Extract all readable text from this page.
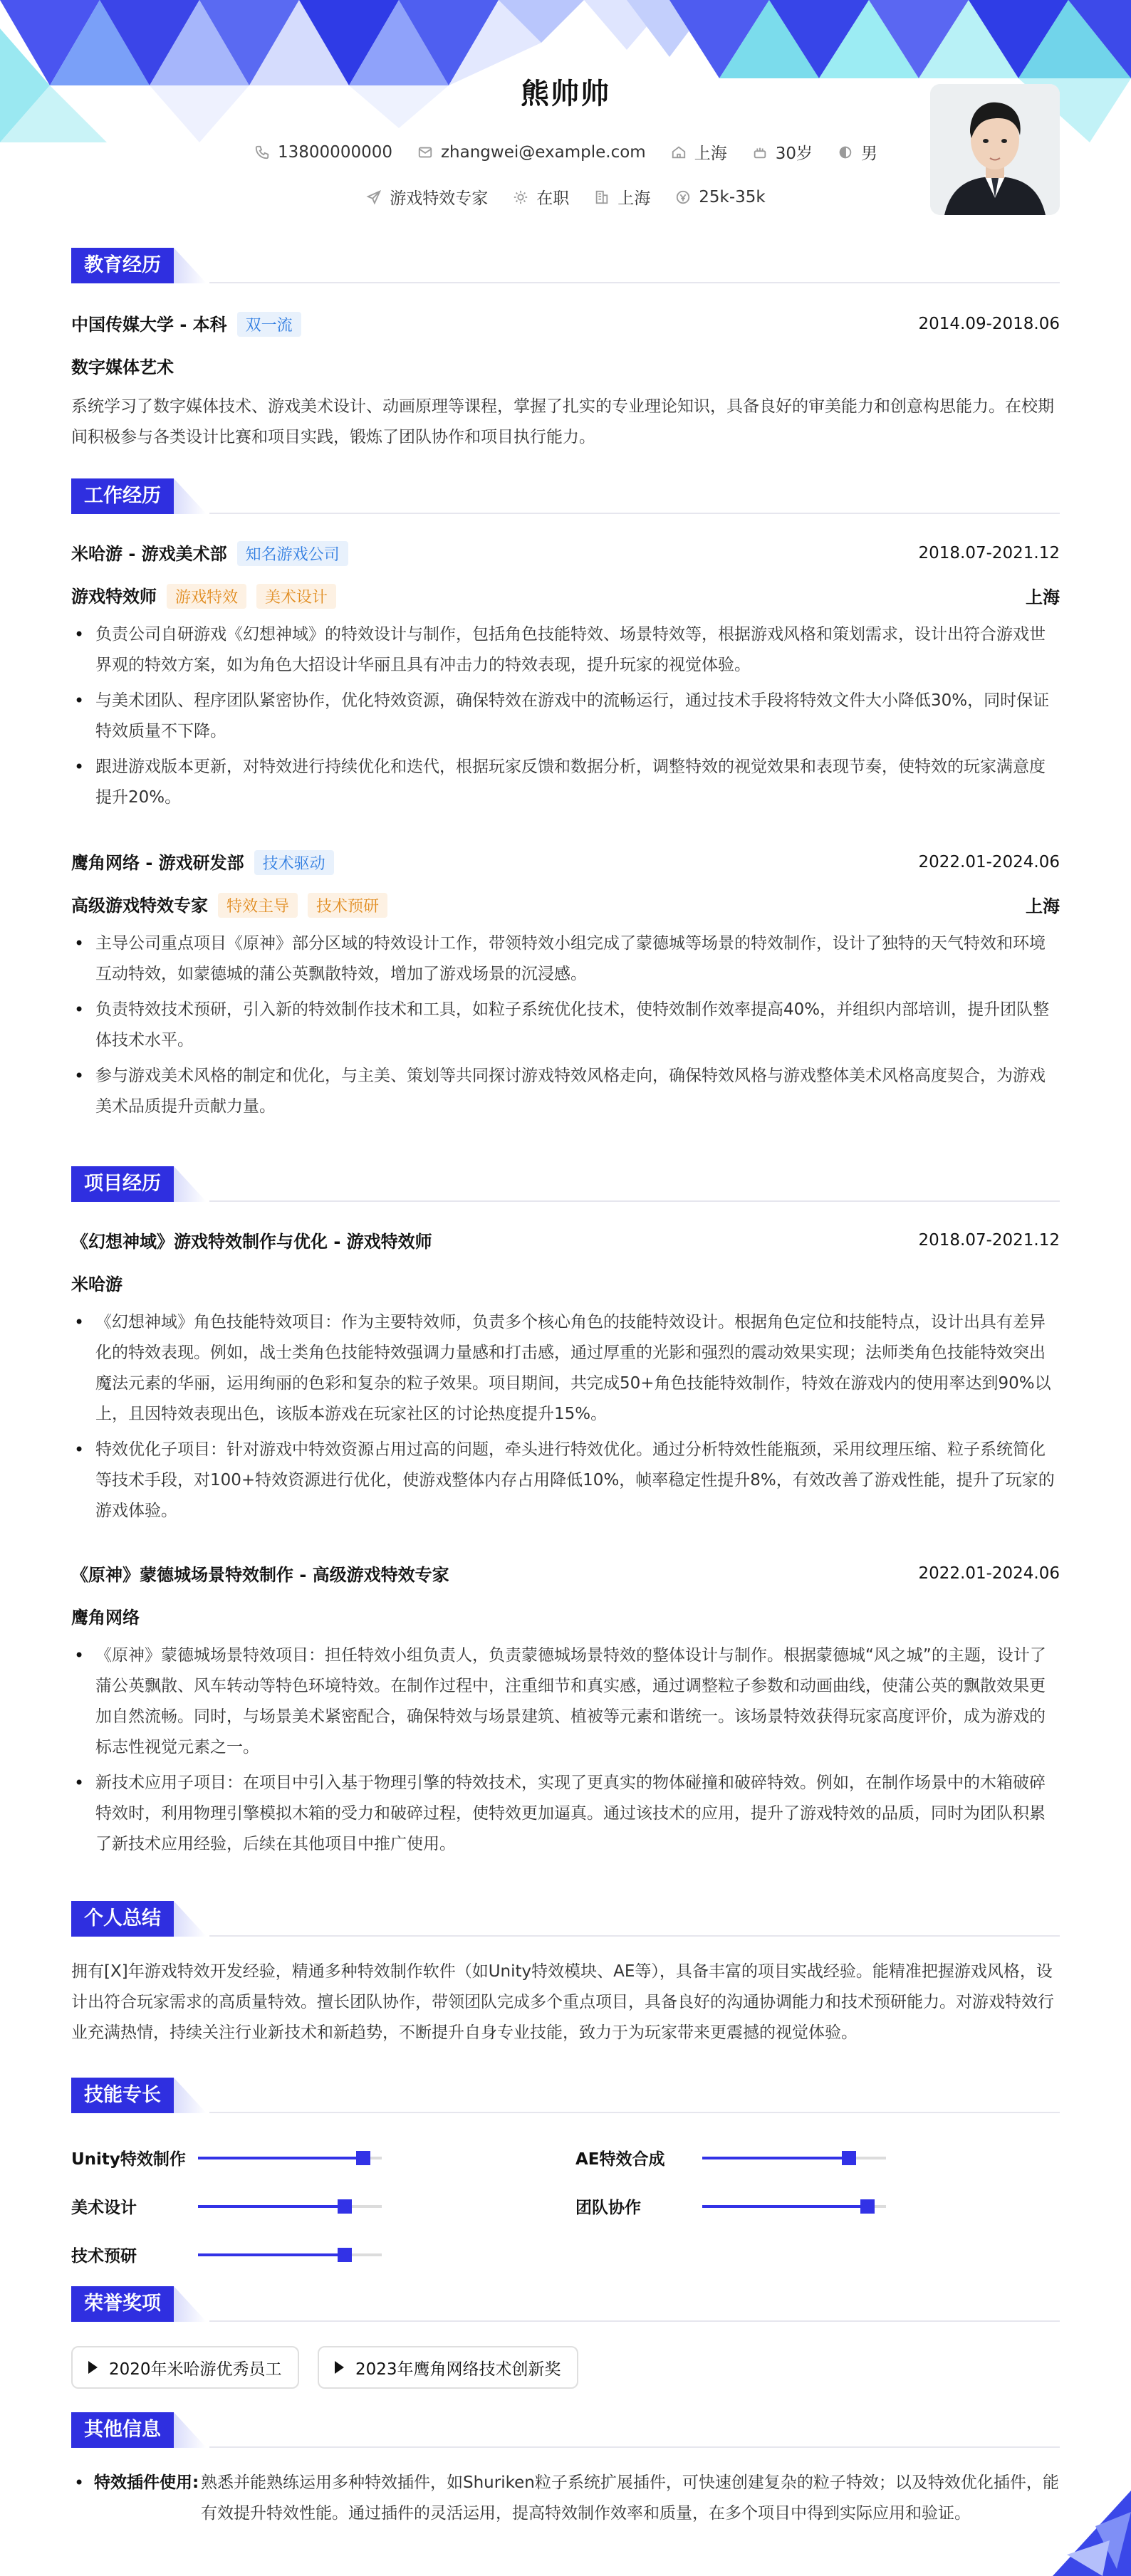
熊帅帅
13800000000	zhangwei@example.com	上海	30岁	男
游戏特效专家	在职	上海	25k-35k
教育经历
中国传媒大学 - 本科 双一流	2014.09-2018.06
数字媒体艺术
系统学习了数字媒体技术、游戏美术设计、动画原理等课程，掌握了扎实的专业理论知识，具备良好的审美能力和创意构思能力。在校期间积极参与各类设计比赛和项目实践，锻炼了团队协作和项目执行能力。
工作经历
米哈游 - 游戏美术部 知名游戏公司	2018.07-2021.12
游戏特效师 游戏特效 美术设计	上海
• 负责公司自研游戏《幻想神域》的特效设计与制作，包括角色技能特效、场景特效等，根据游戏风格和策划需求，设计出符合游戏世界观的特效方案，如为角色大招设计华丽且具有冲击力的特效表现，提升玩家的视觉体验。
• 与美术团队、程序团队紧密协作，优化特效资源，确保特效在游戏中的流畅运行，通过技术手段将特效文件大小降低30%，同时保证特效质量不下降。
• 跟进游戏版本更新，对特效进行持续优化和迭代，根据玩家反馈和数据分析，调整特效的视觉效果和表现节奏，使特效的玩家满意度提升20%。
鹰角网络 - 游戏研发部 技术驱动	2022.01-2024.06
高级游戏特效专家 特效主导 技术预研	上海
• 主导公司重点项目《原神》部分区域的特效设计工作，带领特效小组完成了蒙德城等场景的特效制作，设计了独特的天气特效和环境互动特效，如蒙德城的蒲公英飘散特效，增加了游戏场景的沉浸感。
• 负责特效技术预研，引入新的特效制作技术和工具，如粒子系统优化技术，使特效制作效率提高40%，并组织内部培训，提升团队整体技术水平。
• 参与游戏美术风格的制定和优化，与主美、策划等共同探讨游戏特效风格走向，确保特效风格与游戏整体美术风格高度契合，为游戏美术品质提升贡献力量。
项目经历
《幻想神域》游戏特效制作与优化 - 游戏特效师	2018.07-2021.12
米哈游
• 《幻想神域》角色技能特效项目：作为主要特效师，负责多个核心角色的技能特效设计。根据角色定位和技能特点，设计出具有差异化的特效表现。例如，战士类角色技能特效强调力量感和打击感，通过厚重的光影和强烈的震动效果实现；法师类角色技能特效突出魔法元素的华丽，运用绚丽的色彩和复杂的粒子效果。项目期间，共完成50+角色技能特效制作，特效在游戏内的使用率达到90%以上，且因特效表现出色，该版本游戏在玩家社区的讨论热度提升15%。
• 特效优化子项目：针对游戏中特效资源占用过高的问题，牵头进行特效优化。通过分析特效性能瓶颈，采用纹理压缩、粒子系统简化等技术手段，对100+特效资源进行优化，使游戏整体内存占用降低10%，帧率稳定性提升8%，有效改善了游戏性能，提升了玩家的游戏体验。
《原神》蒙德城场景特效制作 - 高级游戏特效专家	2022.01-2024.06
鹰角网络
• 《原神》蒙德城场景特效项目：担任特效小组负责人，负责蒙德城场景特效的整体设计与制作。根据蒙德城“风之城”的主题，设计了蒲公英飘散、风车转动等特色环境特效。在制作过程中，注重细节和真实感，通过调整粒子参数和动画曲线，使蒲公英的飘散效果更加自然流畅。同时，与场景美术紧密配合，确保特效与场景建筑、植被等元素和谐统一。该场景特效获得玩家高度评价，成为游戏的标志性视觉元素之一。
• 新技术应用子项目：在项目中引入基于物理引擎的特效技术，实现了更真实的物体碰撞和破碎特效。例如，在制作场景中的木箱破碎特效时，利用物理引擎模拟木箱的受力和破碎过程，使特效更加逼真。通过该技术的应用，提升了游戏特效的品质，同时为团队积累了新技术应用经验，后续在其他项目中推广使用。
个人总结
拥有[X]年游戏特效开发经验，精通多种特效制作软件（如Unity特效模块、AE等），具备丰富的项目实战经验。能精准把握游戏风格，设计出符合玩家需求的高质量特效。擅长团队协作，带领团队完成多个重点项目，具备良好的沟通协调能力和技术预研能力。对游戏特效行业充满热情，持续关注行业新技术和新趋势，不断提升自身专业技能，致力于为玩家带来更震撼的视觉体验。
技能专长
Unity特效制作	AE特效合成
美术设计	团队协作
技术预研
荣誉奖项
2020年米哈游优秀员工	2023年鹰角网络技术创新奖
其他信息
• 特效插件使用: 熟悉并能熟练运用多种特效插件，如Shuriken粒子系统扩展插件，可快速创建复杂的粒子特效；以及特效优化插件，能有效提升特效性能。通过插件的灵活运用，提高特效制作效率和质量，在多个项目中得到实际应用和验证。
